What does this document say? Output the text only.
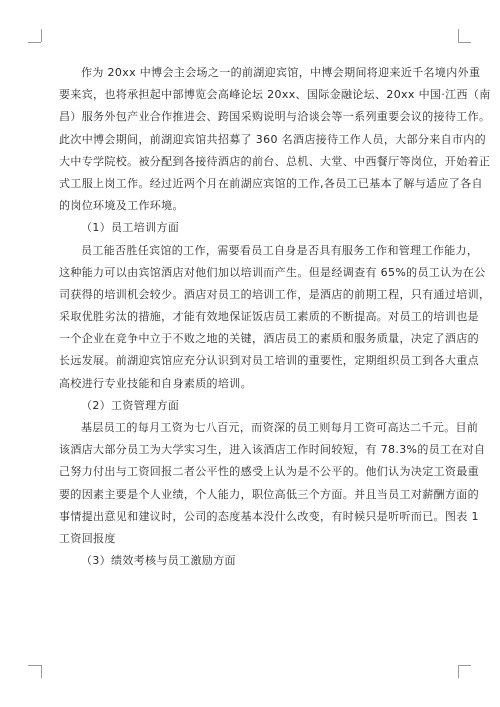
作为 20xx 中博会主会场之一的前湖迎宾馆，中博会期间将迎来近千名境内外重
要来宾，也将承担起中部博览会高峰论坛 20xx、国际金融论坛、20xx 中国·江西（南
昌）服务外包产业合作推进会、跨国采购说明与洽谈会等一系列重要会议的接待工作。
此次中博会期间，前湖迎宾馆共招募了 360 名酒店接待工作人员，大部分来自市内的
大中专学院校。被分配到各接待酒店的前台、总机、大堂、中西餐厅等岗位，开始着正
式工服上岗工作。经过近两个月在前湖应宾馆的工作,各员工已基本了解与适应了各自
的岗位环境及工作环境。
（1）员工培训方面
员工能否胜任宾馆的工作，需要看员工自身是否具有服务工作和管理工作能力，
这种能力可以由宾馆酒店对他们加以培训而产生。但是经调查有 65%的员工认为在公
司获得的培训机会较少。酒店对员工的培训工作，是酒店的前期工程，只有通过培训，
采取优胜劣汰的措施，才能有效地保证饭店员工素质的不断提高。对员工的培训也是
一个企业在竞争中立于不败之地的关键，酒店员工的素质和服务质量，决定了酒店的
长远发展。前湖迎宾馆应充分认识到对员工培训的重要性，定期组织员工到各大重点
高校进行专业技能和自身素质的培训。
（2）工资管理方面
基层员工的每月工资为七八百元，而资深的员工则每月工资可高达二千元。目前
该酒店大部分员工为大学实习生，进入该酒店工作时间较短，有 78.3%的员工在对自
己努力付出与工资回报二者公平性的感受上认为是不公平的。他们认为决定工资最重
要的因素主要是个人业绩，个人能力，职位高低三个方面。并且当员工对薪酬方面的
事情提出意见和建议时，公司的态度基本没什么改变，有时候只是听听而已。图表 1
工资回报度
（3）绩效考核与员工激励方面
